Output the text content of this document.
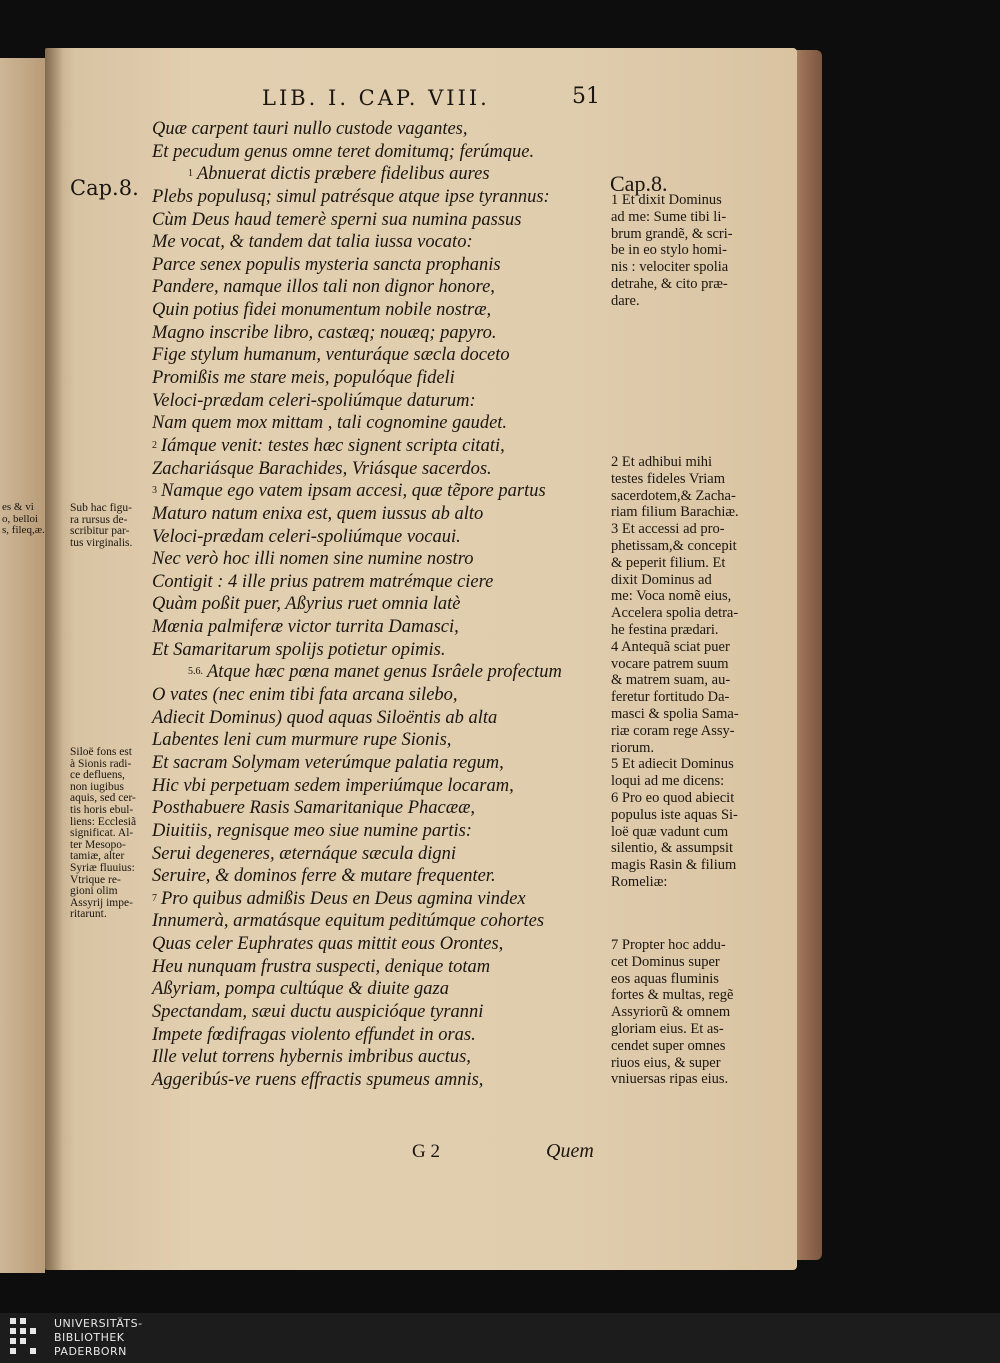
es & vi
o, belloi
s, fileq,æ.
LIB. I. CAP. VIII.	51
Cap.8.	Cap.8.
Quæ carpent tauri nullo custode vagantes,
Et pecudum genus omne teret domitumq; ferúmque.
1 Abnuerat dictis præbere fidelibus aures
Plebs populusq; simul patrésque atque ipse tyrannus:
Cùm Deus haud temerè sperni sua numina passus
Me vocat, & tandem dat talia iussa vocato:
Parce senex populis mysteria sancta prophanis
Pandere, namque illos tali non dignor honore,
Quin potius fidei monumentum nobile nostræ,
Magno inscribe libro, castæq; nouæq; papyro.
Fige stylum humanum, venturáque sæcla doceto
Promißis me stare meis, populóque fideli
Veloci-prædam celeri-spoliúmque daturum:
Nam quem mox mittam , tali cognomine gaudet.
2 Iámque venit: testes hæc signent scripta citati,
Zachariásque Barachides, Vriásque sacerdos.
3 Namque ego vatem ipsam accesi, quæ tẽpore partus
Maturo natum enixa est, quem iussus ab alto
Veloci-prædam celeri-spoliúmque vocaui.
Nec verò hoc illi nomen sine numine nostro
Contigit : 4 ille prius patrem matrémque ciere
Quàm poßit puer, Aßyrius ruet omnia latè
Mœnia palmiferæ victor turrita Damasci,
Et Samaritarum spolijs potietur opimis.
5.6. Atque hæc pœna manet genus Isrâele profectum
O vates (nec enim tibi fata arcana silebo,
Adiecit Dominus) quod aquas Siloëntis ab alta
Labentes leni cum murmure rupe Sionis,
Et sacram Solymam veterúmque palatia regum,
Hic vbi perpetuam sedem imperiúmque locaram,
Posthabuere Rasis Samaritanique Phacææ,
Diuitiis, regnisque meo siue numine partis:
Serui degeneres, æternáque sæcula digni
Seruire, & dominos ferre & mutare frequenter.
7 Pro quibus admißis Deus en Deus agmina vindex
Innumerà, armatásque equitum peditúmque cohortes
Quas celer Euphrates quas mittit eous Orontes,
Heu nunquam frustra suspecti, denique totam
Aßyriam, pompa cultúque & diuite gaza
Spectandam, sæui ductu auspicióque tyranni
Impete fœdifragas violento effundet in oras.
Ille velut torrens hybernis imbribus auctus,
Aggeribús-ve ruens effractis spumeus amnis,
1 Et dixit Dominus
ad me: Sume tibi li-
brum grandẽ, & scri-
be in eo stylo homi-
nis : velociter spolia
detrahe, & cito præ-
dare.
2 Et adhibui mihi
testes fideles Vriam
sacerdotem,& Zacha-
riam filium Barachiæ.
3 Et accessi ad pro-
phetissam,& concepit
& peperit filium. Et
dixit Dominus ad
me: Voca nomẽ eius,
Accelera spolia detra-
he festina prædari.
4 Antequã sciat puer
vocare patrem suum
& matrem suam, au-
feretur fortitudo Da-
masci & spolia Sama-
riæ coram rege Assy-
riorum.
5 Et adiecit Dominus
loqui ad me dicens:
6 Pro eo quod abiecit
populus iste aquas Si-
loë quæ vadunt cum
silentio, & assumpsit
magis Rasin & filium
Romeliæ:
7 Propter hoc addu-
cet Dominus super
eos aquas fluminis
fortes & multas, regẽ
Assyriorũ & omnem
gloriam eius. Et as-
cendet super omnes
riuos eius, & super
vniuersas ripas eius.
Sub hac figu-
ra rursus de-
scribitur par-
tus virginalis.
Siloë fons est
à Sionis radi-
ce defluens,
non iugibus
aquis, sed cer-
tis horis ebul-
liens: Ecclesiã
significat. Al-
ter Mesopo-
tamiæ, alter
Syriæ fluuius:
Vtrique re-
gioni olim
Assyrij impe-
ritarunt.
G 2	Quem
UNIVERSITÄTS-
BIBLIOTHEK
PADERBORN
